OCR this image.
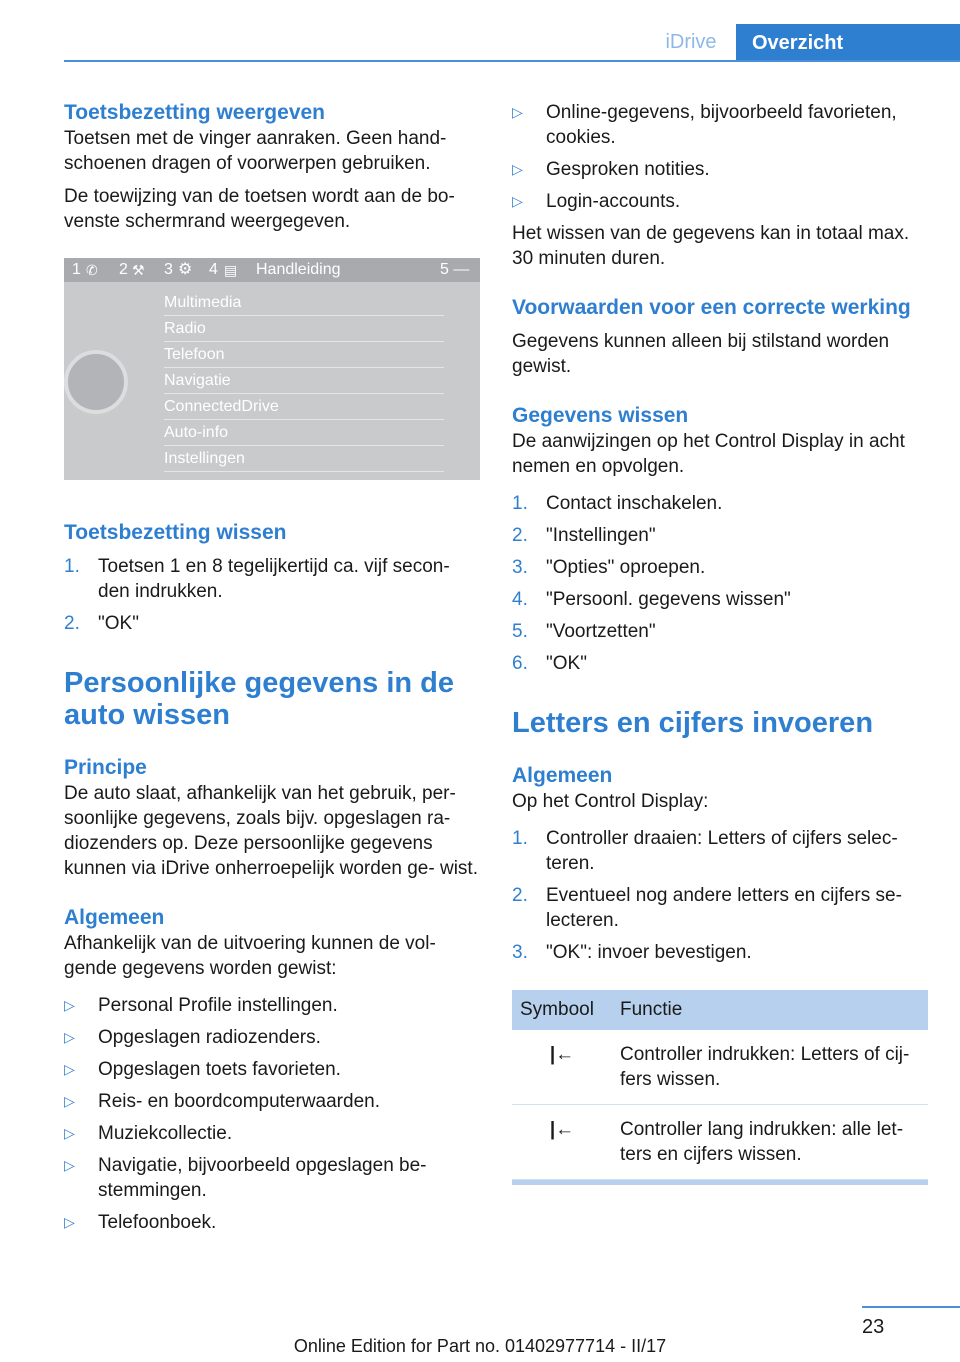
iDrive	Overzicht
Toetsbezetting weergeven

Toetsen met de vinger aanraken. Geen hand‐ schoenen dragen of voorwerpen gebruiken.

De toewijzing van de toetsen wordt aan de bo‐ venste schermrand weergegeven.

1 ✆ 2 ⚒ 3 ⚙ 4 ▤ Handleiding	5 —
Multimedia
Radio
Telefoon
Navigatie
ConnectedDrive
Auto-info
Instellingen
Toetsbezetting wissen
1. Toetsen 1 en 8 tegelijkertijd ca. vijf secon‐ den indrukken.
2. "OK"
Persoonlijke gegevens in de auto wissen
Principe

De auto slaat, afhankelijk van het gebruik, per‐ soonlijke gegevens, zoals bijv. opgeslagen ra‐ diozenders op. Deze persoonlijke gegevens kunnen via iDrive onherroepelijk worden ge‐ wist.

Algemeen

Afhankelijk van de uitvoering kunnen de vol‐ gende gegevens worden gewist:

▷ Personal Profile instellingen.
▷ Opgeslagen radiozenders.
▷ Opgeslagen toets favorieten.
▷ Reis- en boordcomputerwaarden.
▷ Muziekcollectie.
▷ Navigatie, bijvoorbeeld opgeslagen be‐ stemmingen.
▷ Telefoonboek.
▷ Online-gegevens, bijvoorbeeld favorieten, cookies.
▷ Gesproken notities.
▷ Login-accounts.

Het wissen van de gegevens kan in totaal max. 30 minuten duren.

Voorwaarden voor een correcte werking

Gegevens kunnen alleen bij stilstand worden gewist.

Gegevens wissen

De aanwijzingen op het Control Display in acht nemen en opvolgen.

1. Contact inschakelen.
2. "Instellingen"
3. "Opties" oproepen.
4. "Persoonl. gegevens wissen"
5. "Voortzetten"
6. "OK"
Letters en cijfers invoeren
Algemeen

Op het Control Display:

1. Controller draaien: Letters of cijfers selec‐ teren.
2. Eventueel nog andere letters en cijfers se‐ lecteren.
3. "OK": invoer bevestigen.
Symbool	Functie
|←	Controller indrukken: Letters of cij‐ fers wissen.
|←	Controller lang indrukken: alle let‐ ters en cijfers wissen.
23
Online Edition for Part no. 01402977714 - II/17
